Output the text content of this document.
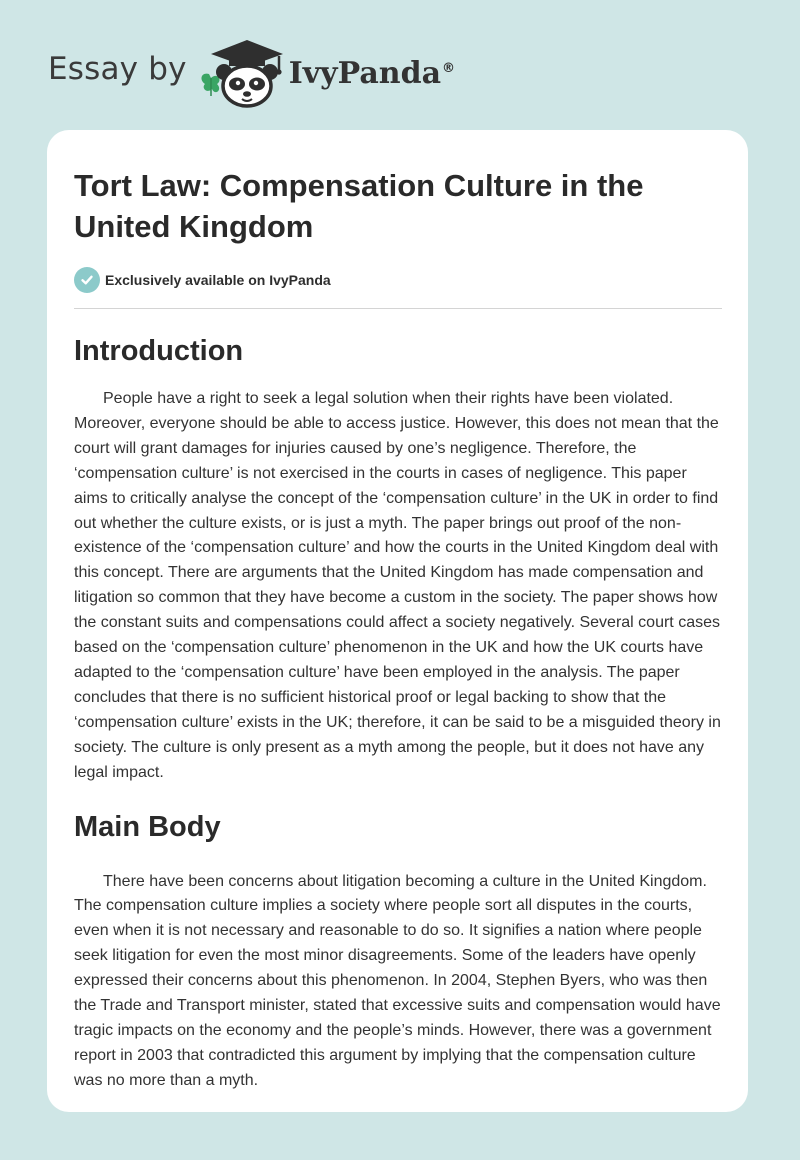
Essay by	IvyPanda®
Tort Law: Compensation Culture in the United Kingdom
Exclusively available on IvyPanda
Introduction

People have a right to seek a legal solution when their rights have been violated. Moreover, everyone should be able to access justice. However, this does not mean that the court will grant damages for injuries caused by one’s negligence. Therefore, the ‘compensation culture’ is not exercised in the courts in cases of negligence. This paper aims to critically analyse the concept of the ‘compensation culture’ in the UK in order to find out whether the culture exists, or is just a myth. The paper brings out proof of the non-existence of the ‘compensation culture’ and how the courts in the United Kingdom deal with this concept. There are arguments that the United Kingdom has made compensation and litigation so common that they have become a custom in the society. The paper shows how the constant suits and compensations could affect a society negatively. Several court cases based on the ‘compensation culture’ phenomenon in the UK and how the UK courts have adapted to the ‘compensation culture’ have been employed in the analysis. The paper concludes that there is no sufficient historical proof or legal backing to show that the ‘compensation culture’ exists in the UK; therefore, it can be said to be a misguided theory in society. The culture is only present as a myth among the people, but it does not have any legal impact.

Main Body

There have been concerns about litigation becoming a culture in the United Kingdom. The compensation culture implies a society where people sort all disputes in the courts, even when it is not necessary and reasonable to do so. It signifies a nation where people seek litigation for even the most minor disagreements. Some of the leaders have openly expressed their concerns about this phenomenon. In 2004, Stephen Byers, who was then the Trade and Transport minister, stated that excessive suits and compensation would have tragic impacts on the economy and the people’s minds. However, there was a government report in 2003 that contradicted this argument by implying that the compensation culture was no more than a myth.
